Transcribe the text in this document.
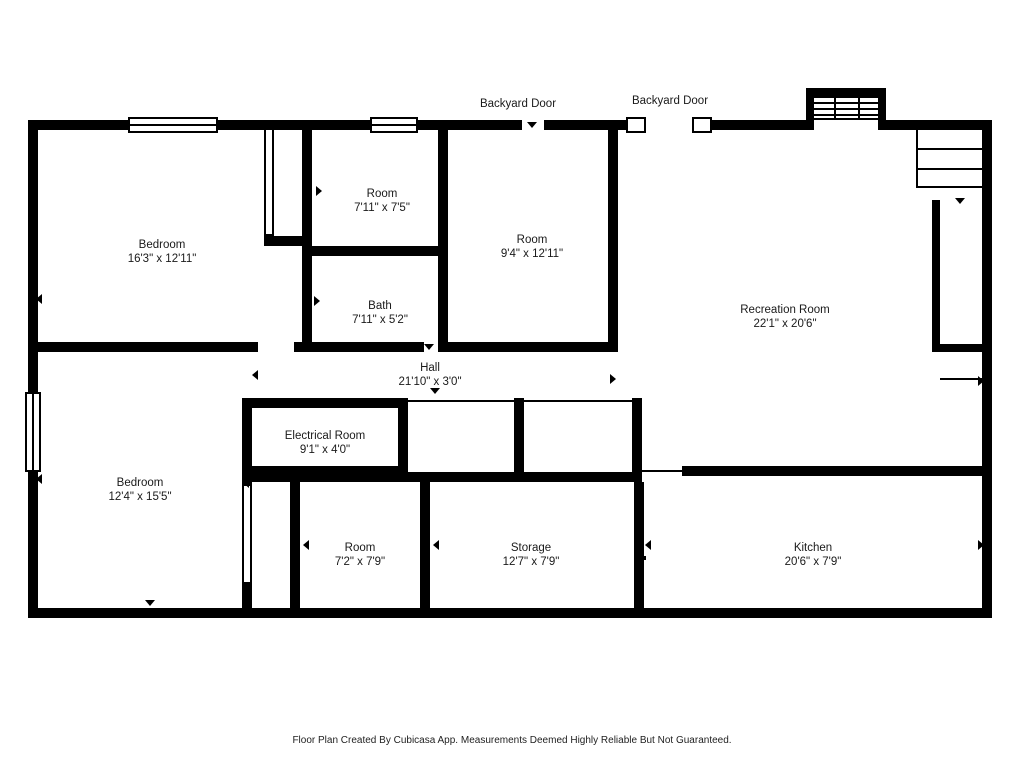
Backyard Door	Backyard Door
Bedroom
16'3" x 12'11"
Room
7'11" x 7'5"
Room
9'4" x 12'11"
Bath
7'11" x 5'2"
Recreation Room
22'1" x 20'6"
Hall
21'10" x 3'0"
Electrical Room
9'1" x 4'0"
Bedroom
12'4" x 15'5"
Room
7'2" x 7'9"
Storage
12'7" x 7'9"
Kitchen
20'6" x 7'9"
Floor Plan Created By Cubicasa App. Measurements Deemed Highly Reliable But Not Guaranteed.
